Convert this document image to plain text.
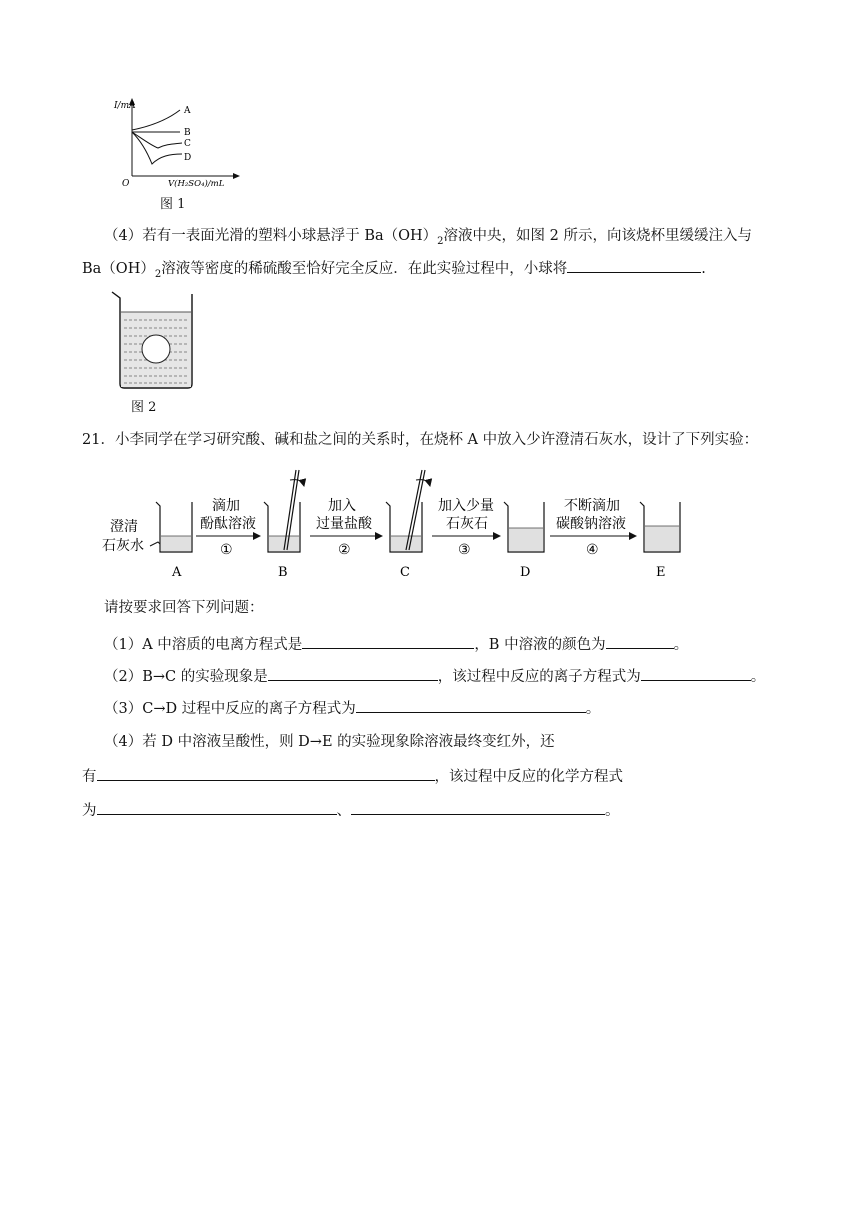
I/mA
O	V(H₂SO₄)/mL
A
B
C
D
图 1
（4）若有一表面光滑的塑料小球悬浮于 $Ba(OH)_2$溶液中央，如图 2 所示，向该烧杯里缓缓注入与
$Ba(OH)_2$溶液等密度的稀硫酸至恰好完全反应．在此实验过程中，小球将	.
图 2
21．小李同学在学习研究酸、碱和盐之间的关系时，在烧杯 A 中放入少许澄清石灰水，设计了下列实验：
澄清
石灰水
A
滴加
酚酞溶液
①
B
加入
过量盐酸
②
C
加入少量
石灰石
③
D
不断滴加
碳酸钠溶液
④
E
请按要求回答下列问题：
（1）A 中溶质的电离方程式是	，B 中溶液的颜色为	。
（2）B→C 的实验现象是	，该过程中反应的离子方程式为	。
（3）C→D 过程中反应的离子方程式为	。
（4）若 D 中溶液呈酸性，则 D→E 的实验现象除溶液最终变红外，还
有	，该过程中反应的化学方程式
为	、	。
